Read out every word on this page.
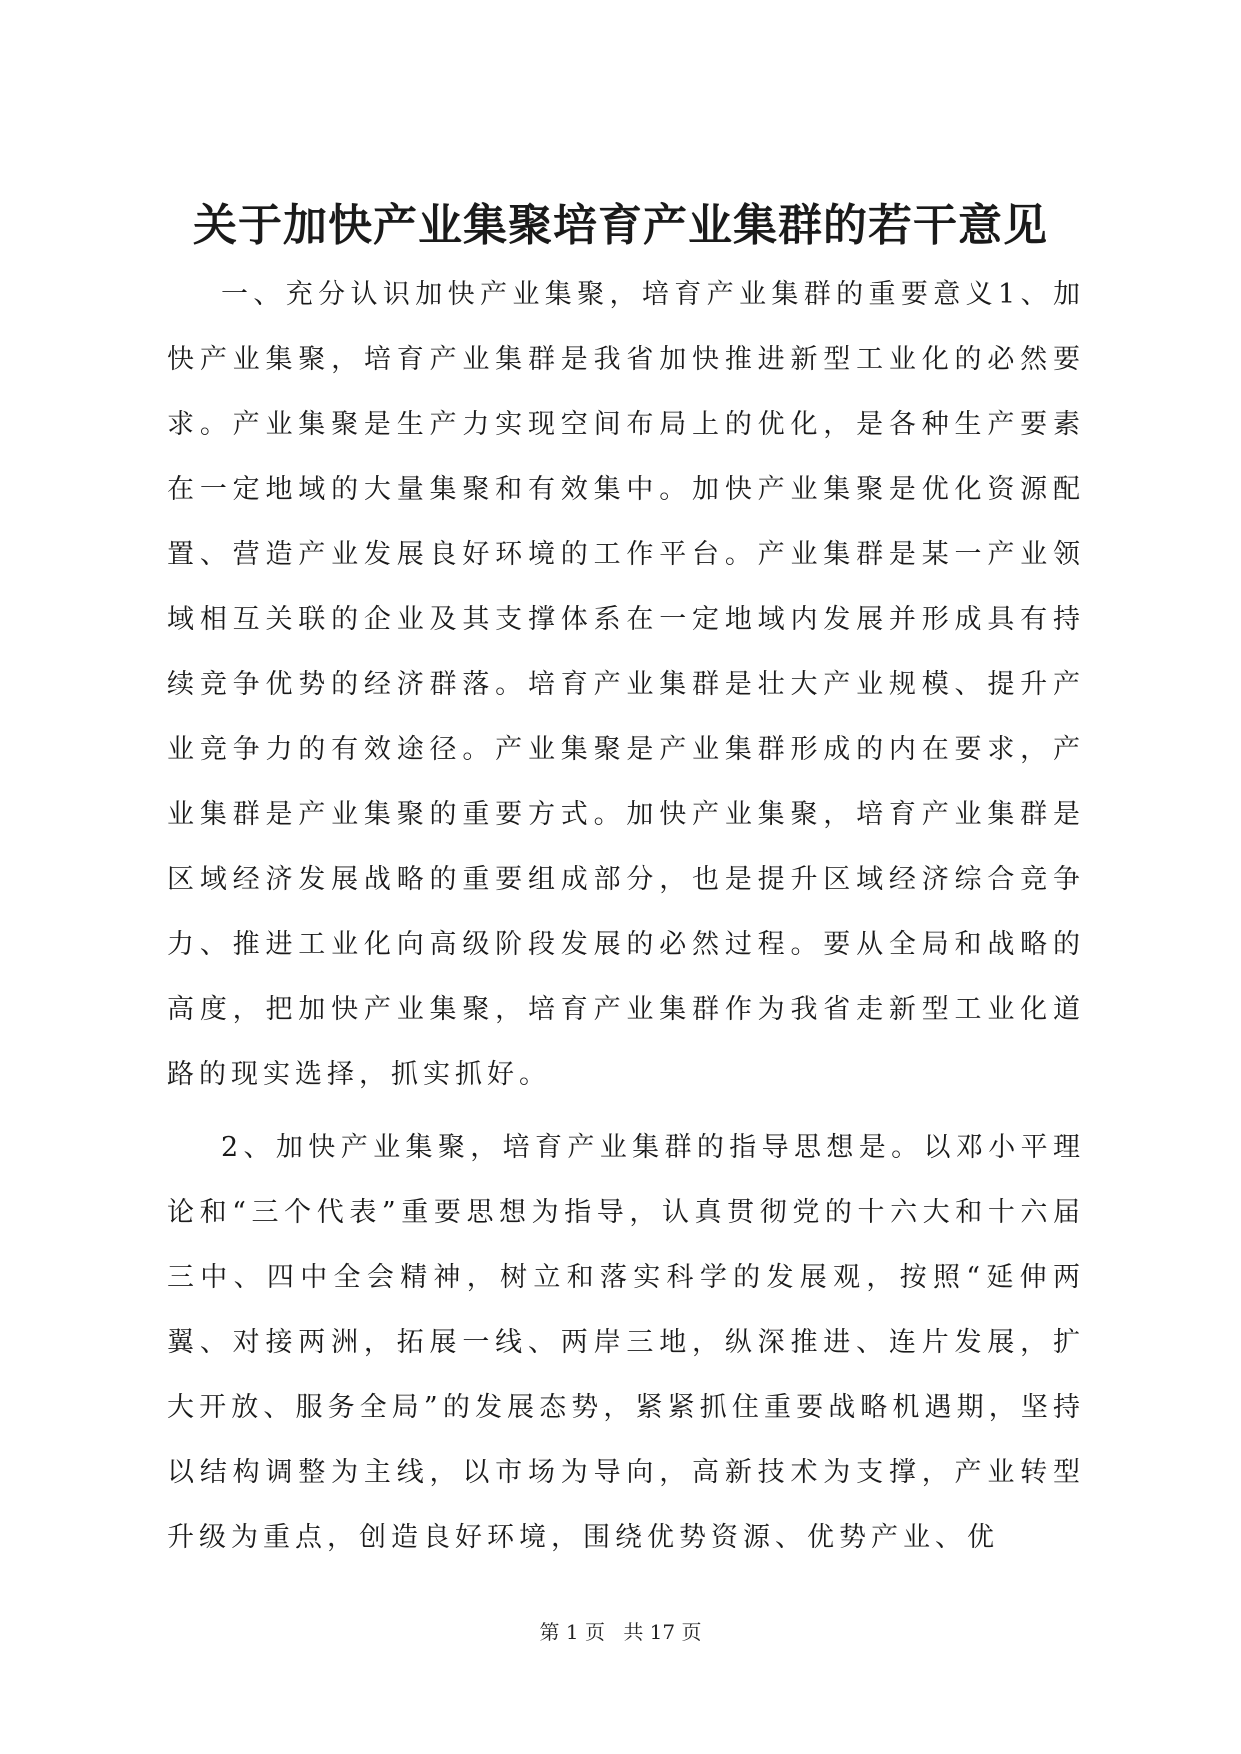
关于加快产业集聚培育产业集群的若干意见

一、充分认识加快产业集聚，培育产业集群的重要意义1、加快产业集聚，培育产业集群是我省加快推进新型工业化的必然要求。产业集聚是生产力实现空间布局上的优化，是各种生产要素在一定地域的大量集聚和有效集中。加快产业集聚是优化资源配置、营造产业发展良好环境的工作平台。产业集群是某一产业领域相互关联的企业及其支撑体系在一定地域内发展并形成具有持续竞争优势的经济群落。培育产业集群是壮大产业规模、提升产业竞争力的有效途径。产业集聚是产业集群形成的内在要求，产业集群是产业集聚的重要方式。加快产业集聚，培育产业集群是区域经济发展战略的重要组成部分，也是提升区域经济综合竞争力、推进工业化向高级阶段发展的必然过程。要从全局和战略的高度，把加快产业集聚，培育产业集群作为我省走新型工业化道路的现实选择，抓实抓好。

2、加快产业集聚，培育产业集群的指导思想是。以邓小平理论和“三个代表”重要思想为指导，认真贯彻党的十六大和十六届三中、四中全会精神，树立和落实科学的发展观，按照“延伸两翼、对接两洲，拓展一线、两岸三地，纵深推进、连片发展，扩大开放、服务全局”的发展态势，紧紧抓住重要战略机遇期，坚持以结构调整为主线，以市场为导向，高新技术为支撑，产业转型升级为重点，创造良好环境，围绕优势资源、优势产业、优

第 1 页 共 17 页
